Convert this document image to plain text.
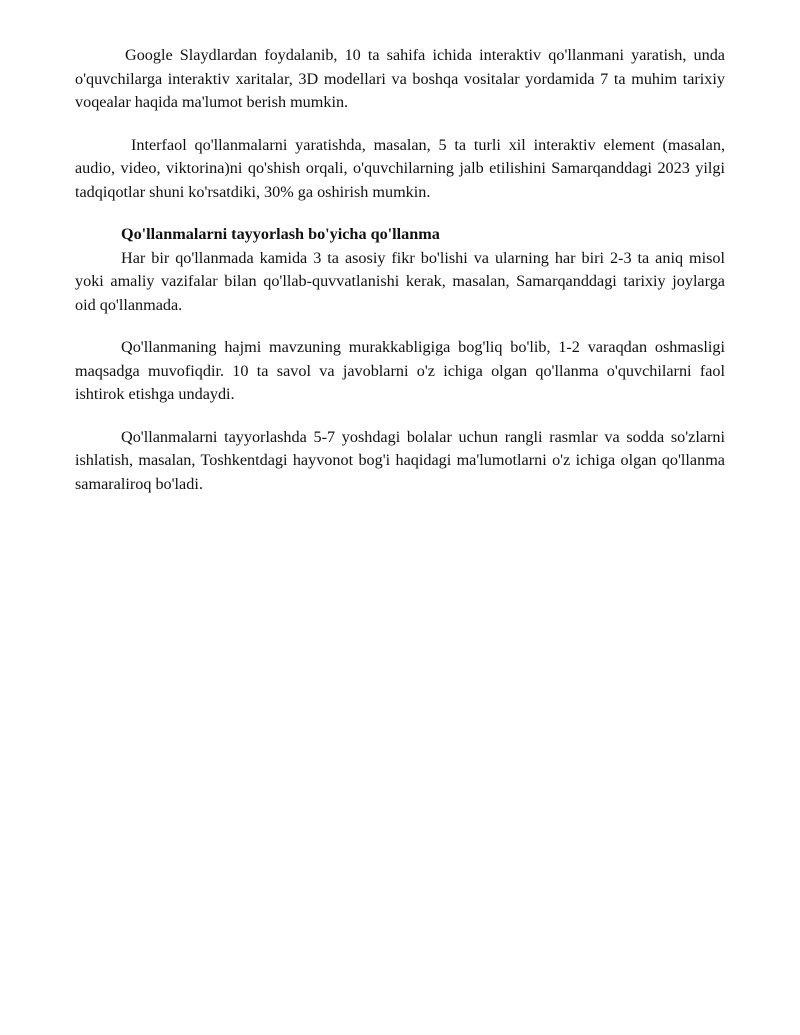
Google Slaydlardan foydalanib, 10 ta sahifa ichida interaktiv qo'llanmani yaratish, unda o'quvchilarga interaktiv xaritalar, 3D modellari va boshqa vositalar yordamida 7 ta muhim tarixiy voqealar haqida ma'lumot berish mumkin.

Interfaol qo'llanmalarni yaratishda, masalan, 5 ta turli xil interaktiv element (masalan, audio, video, viktorina)ni qo'shish orqali, o'quvchilarning jalb etilishini Samarqanddagi 2023 yilgi tadqiqotlar shuni ko'rsatdiki, 30% ga oshirish mumkin.

Qo'llanmalarni tayyorlash bo'yicha qo'llanma

Har bir qo'llanmada kamida 3 ta asosiy fikr bo'lishi va ularning har biri 2-3 ta aniq misol yoki amaliy vazifalar bilan qo'llab-quvvatlanishi kerak, masalan, Samarqanddagi tarixiy joylarga oid qo'llanmada.

Qo'llanmaning hajmi mavzuning murakkabligiga bog'liq bo'lib, 1-2 varaqdan oshmasligi maqsadga muvofiqdir. 10 ta savol va javoblarni o'z ichiga olgan qo'llanma o'quvchilarni faol ishtirok etishga undaydi.

Qo'llanmalarni tayyorlashda 5-7 yoshdagi bolalar uchun rangli rasmlar va sodda so'zlarni ishlatish, masalan, Toshkentdagi hayvonot bog'i haqidagi ma'lumotlarni o'z ichiga olgan qo'llanma samaraliroq bo'ladi.
